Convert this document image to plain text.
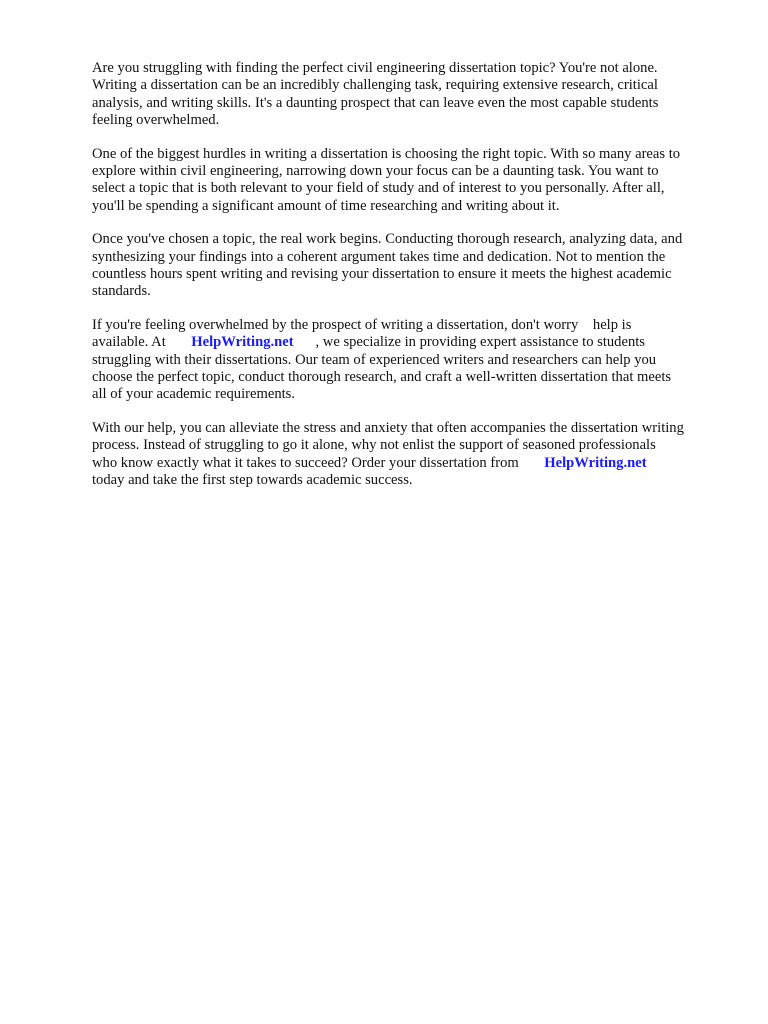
Are you struggling with finding the perfect civil engineering dissertation topic? You're not alone.
Writing a dissertation can be an incredibly challenging task, requiring extensive research, critical
analysis, and writing skills. It's a daunting prospect that can leave even the most capable students
feeling overwhelmed.

One of the biggest hurdles in writing a dissertation is choosing the right topic. With so many areas to
explore within civil engineering, narrowing down your focus can be a daunting task. You want to
select a topic that is both relevant to your field of study and of interest to you personally. After all,
you'll be spending a significant amount of time researching and writing about it.

Once you've chosen a topic, the real work begins. Conducting thorough research, analyzing data, and
synthesizing your findings into a coherent argument takes time and dedication. Not to mention the
countless hours spent writing and revising your dissertation to ensure it meets the highest academic
standards.

If you're feeling overwhelmed by the prospect of writing a dissertation, don't worry    help is
available. At       HelpWriting.net      , we specialize in providing expert assistance to students
struggling with their dissertations. Our team of experienced writers and researchers can help you
choose the perfect topic, conduct thorough research, and craft a well-written dissertation that meets
all of your academic requirements.

With our help, you can alleviate the stress and anxiety that often accompanies the dissertation writing
process. Instead of struggling to go it alone, why not enlist the support of seasoned professionals
who know exactly what it takes to succeed? Order your dissertation from       HelpWriting.net
today and take the first step towards academic success.
